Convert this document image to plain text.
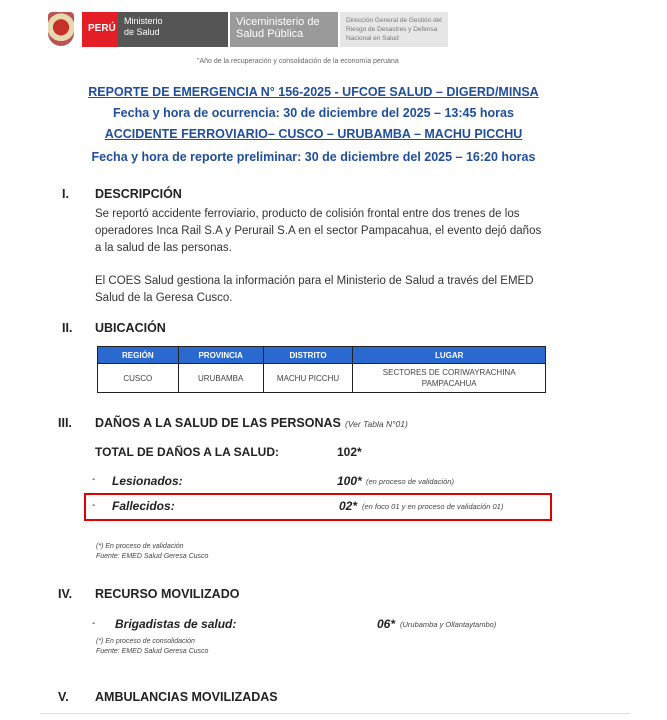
PERÚ
Ministerio de Salud
Viceministerio de Salud Pública
Dirección General de Gestión del Riesgo de Desastres y Defensa Nacional en Salud
"Año de la recuperación y consolidación de la economía peruana
REPORTE DE EMERGENCIA N° 156-2025 - UFCOE SALUD – DIGERD/MINSA
Fecha y hora de ocurrencia: 30 de diciembre del 2025 – 13:45 horas
ACCIDENTE FERROVIARIO– CUSCO – URUBAMBA – MACHU PICCHU
Fecha y hora de reporte preliminar: 30 de diciembre del 2025 – 16:20 horas
I. DESCRIPCIÓN
Se reportó accidente ferroviario, producto de colisión frontal entre dos trenes de los
operadores Inca Rail S.A y Perurail S.A en el sector Pampacahua, el evento dejó daños
a la salud de las personas.
El COES Salud gestiona la información para el Ministerio de Salud a través del EMED
Salud de la Geresa Cusco.
II. UBICACIÓN
REGIÓN	PROVINCIA	DISTRITO	LUGAR
CUSCO	URUBAMBA	MACHU PICCHU	SECTORES DE CORIWAYRACHINA PAMPACAHUA
III. DAÑOS A LA SALUD DE LAS PERSONAS (Ver Tabla N°01)
TOTAL DE DAÑOS A LA SALUD:	102*
- Lesionados:	100* (en proceso de validación)
- Fallecidos:	02* (en foco 01 y en proceso de validación 01)
(*) En proceso de validación
Fuente: EMED Salud Geresa Cusco
IV. RECURSO MOVILIZADO
- Brigadistas de salud:	06* (Urubamba y Ollantaytambo)
(*) En proceso de consolidación
Fuente: EMED Salud Geresa Cusco
V. AMBULANCIAS MOVILIZADAS
